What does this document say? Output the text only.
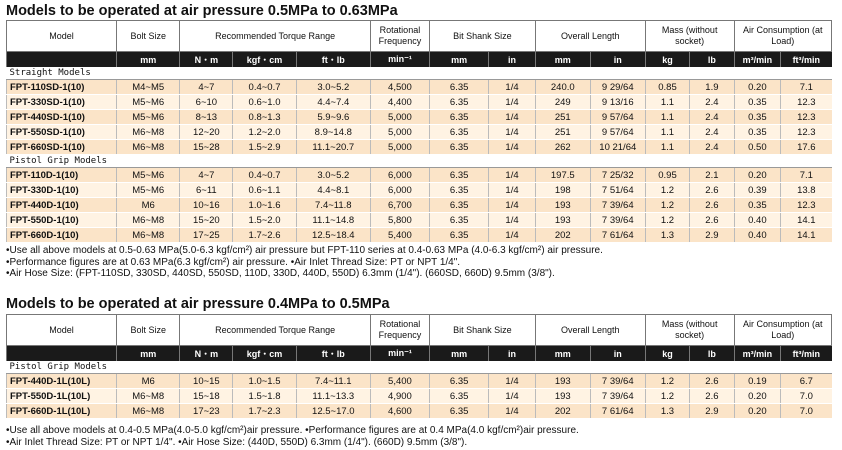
Models to be operated at air pressure 0.5MPa to 0.63MPa
Model	Bolt Size	Recommended Torque Range			Rotational Frequency	Bit Shank Size		Overall Length		Mass (without socket)		Air Consumption (at Load)	
	mm	N・m	kgf・cm	ft・lb	min⁻¹	mm	in	mm	in	kg	lb	m³/min	ft³/min
Straight Models													
FPT-110SD-1(10)	M4~M5	4~7	0.4~0.7	3.0~5.2	4,500	6.35	1/4	240.0	9 29/64	0.85	1.9	0.20	7.1
FPT-330SD-1(10)	M5~M6	6~10	0.6~1.0	4.4~7.4	4,400	6.35	1/4	249	9 13/16	1.1	2.4	0.35	12.3
FPT-440SD-1(10)	M5~M6	8~13	0.8~1.3	5.9~9.6	5,000	6.35	1/4	251	9 57/64	1.1	2.4	0.35	12.3
FPT-550SD-1(10)	M6~M8	12~20	1.2~2.0	8.9~14.8	5,000	6.35	1/4	251	9 57/64	1.1	2.4	0.35	12.3
FPT-660SD-1(10)	M6~M8	15~28	1.5~2.9	11.1~20.7	5,000	6.35	1/4	262	10 21/64	1.1	2.4	0.50	17.6
Pistol Grip Models													
FPT-110D-1(10)	M5~M6	4~7	0.4~0.7	3.0~5.2	6,000	6.35	1/4	197.5	7 25/32	0.95	2.1	0.20	7.1
FPT-330D-1(10)	M5~M6	6~11	0.6~1.1	4.4~8.1	6,000	6.35	1/4	198	7 51/64	1.2	2.6	0.39	13.8
FPT-440D-1(10)	M6	10~16	1.0~1.6	7.4~11.8	6,700	6.35	1/4	193	7 39/64	1.2	2.6	0.35	12.3
FPT-550D-1(10)	M6~M8	15~20	1.5~2.0	11.1~14.8	5,800	6.35	1/4	193	7 39/64	1.2	2.6	0.40	14.1
FPT-660D-1(10)	M6~M8	17~25	1.7~2.6	12.5~18.4	5,400	6.35	1/4	202	7 61/64	1.3	2.9	0.40	14.1
•Use all above models at 0.5-0.63 MPa(5.0-6.3 kgf/cm²) air pressure but FPT-110 series at 0.4-0.63 MPa (4.0-6.3 kgf/cm²) air pressure.
•Performance figures are at 0.63 MPa(6.3 kgf/cm²) air pressure. •Air Inlet Thread Size: PT or NPT 1/4".
•Air Hose Size: (FPT-110SD, 330SD, 440SD, 550SD, 110D, 330D, 440D, 550D) 6.3mm (1/4"). (660SD, 660D) 9.5mm (3/8").
Models to be operated at air pressure 0.4MPa to 0.5MPa
Model	Bolt Size	Recommended Torque Range			Rotational Frequency	Bit Shank Size		Overall Length		Mass (without socket)		Air Consumption (at Load)	
	mm	N・m	kgf・cm	ft・lb	min⁻¹	mm	in	mm	in	kg	lb	m³/min	ft³/min
Pistol Grip Models													
FPT-440D-1L(10L)	M6	10~15	1.0~1.5	7.4~11.1	5,400	6.35	1/4	193	7 39/64	1.2	2.6	0.19	6.7
FPT-550D-1L(10L)	M6~M8	15~18	1.5~1.8	11.1~13.3	4,900	6.35	1/4	193	7 39/64	1.2	2.6	0.20	7.0
FPT-660D-1L(10L)	M6~M8	17~23	1.7~2.3	12.5~17.0	4,600	6.35	1/4	202	7 61/64	1.3	2.9	0.20	7.0
•Use all above models at 0.4-0.5 MPa(4.0-5.0 kgf/cm²)air pressure. •Performance figures are at 0.4 MPa(4.0 kgf/cm²)air pressure.
•Air Inlet Thread Size: PT or NPT 1/4". •Air Hose Size: (440D, 550D) 6.3mm (1/4"). (660D) 9.5mm (3/8").
